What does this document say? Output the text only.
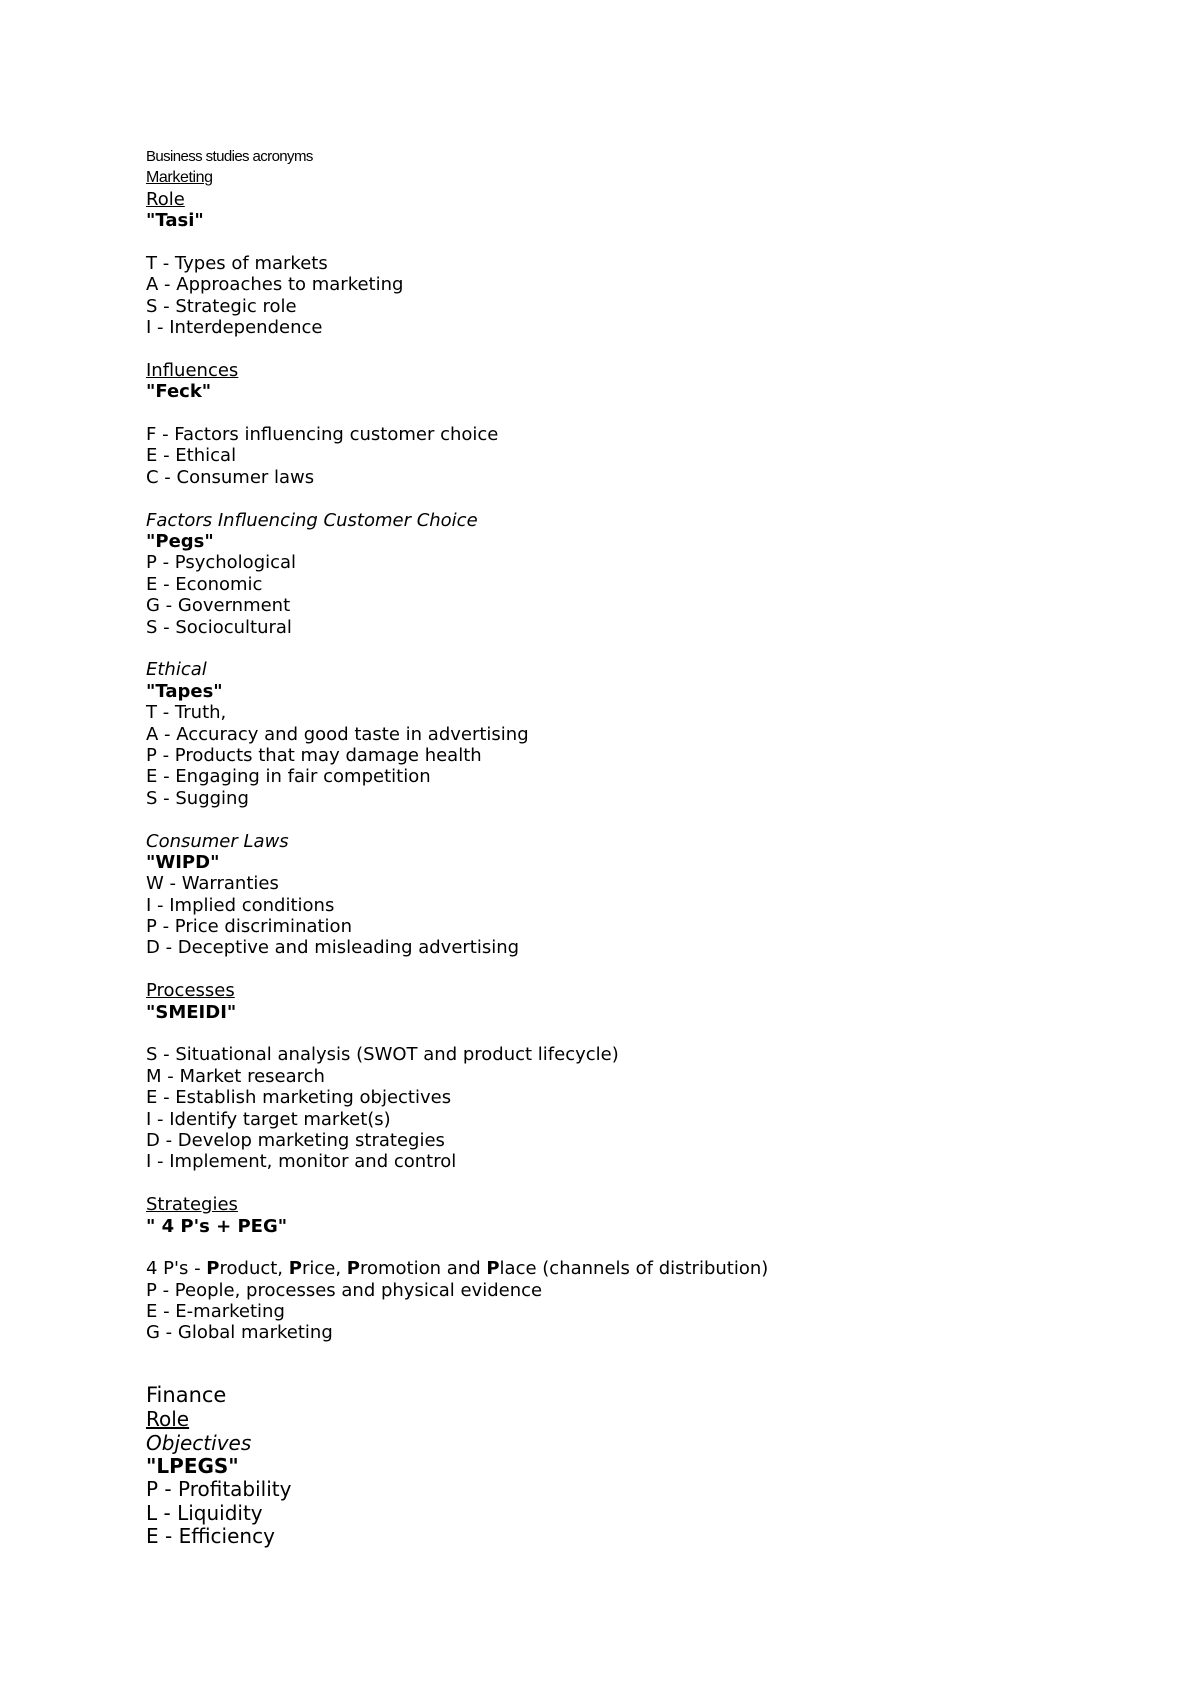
Business studies acronyms
Marketing
Role
"Tasi"
T - Types of markets
A - Approaches to marketing
S - Strategic role
I - Interdependence
Influences
"Feck"
F - Factors influencing customer choice
E - Ethical
C - Consumer laws
Factors Influencing Customer Choice
"Pegs"
P - Psychological
E - Economic
G - Government
S - Sociocultural
Ethical
"Tapes"
T - Truth,
A - Accuracy and good taste in advertising
P - Products that may damage health
E - Engaging in fair competition
S - Sugging
Consumer Laws
"WIPD"
W - Warranties
I - Implied conditions
P - Price discrimination
D - Deceptive and misleading advertising
Processes
"SMEIDI"
S - Situational analysis (SWOT and product lifecycle)
M - Market research
E - Establish marketing objectives
I - Identify target market(s)
D - Develop marketing strategies
I - Implement, monitor and control
Strategies
" 4 P's + PEG"
4 P's - Product, Price, Promotion and Place (channels of distribution)
P - People, processes and physical evidence
E - E-marketing
G - Global marketing
Finance
Role
Objectives
"LPEGS"
P - Profitability
L - Liquidity
E - Efficiency
